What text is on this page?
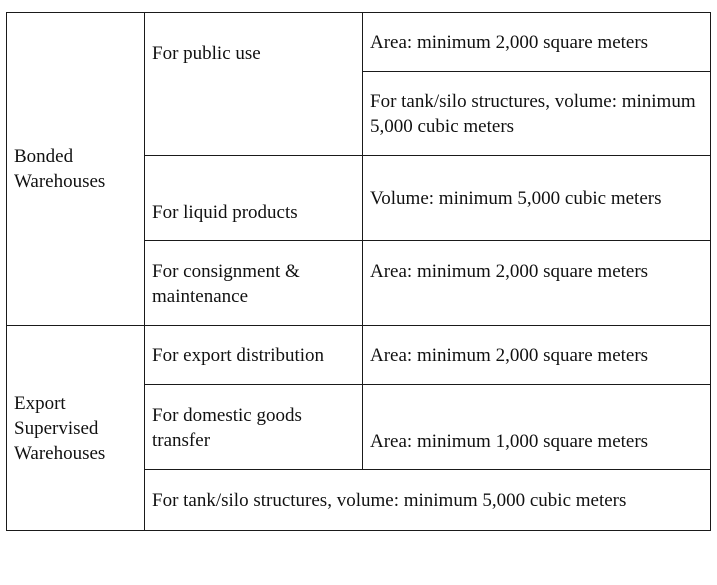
Bonded
Warehouses	For public use	Area: minimum 2,000 square meters

		For tank/silo structures, volume: minimum 5,000 cubic meters

	For liquid products	Volume: minimum 5,000 cubic meters

	For consignment & maintenance	Area: minimum 2,000 square meters

Export Supervised Warehouses	For export distribution	Area: minimum 2,000 square meters

	For domestic goods transfer	Area: minimum 1,000 square meters

	For tank/silo structures, volume: minimum 5,000 cubic meters	
